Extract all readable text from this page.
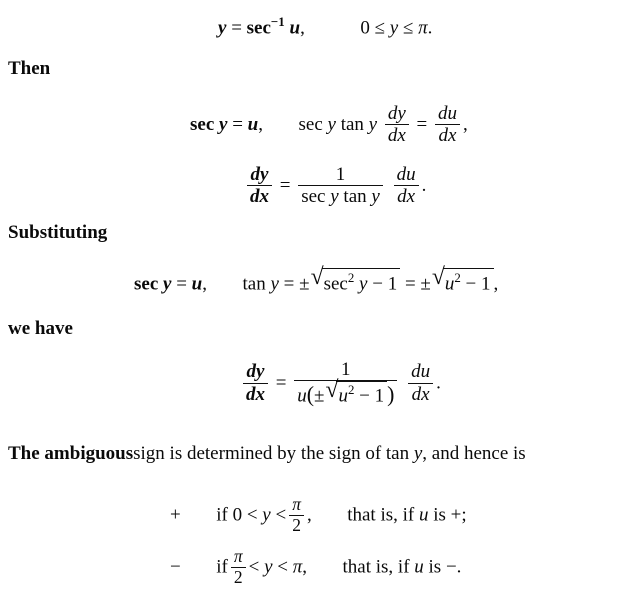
$y = \sec^{-1} u$,	0 ≤ y ≤ π.
Then
sec y = u, sec y tan y $\frac{dy}{dx} = \frac{du}{dx}$ ,
$\frac{dy}{dx} = \frac{1}{\text{sec y tan y}}$
$\frac{du}{dx}$ .
Substituting
sec y = u, tan y = ± √ $\sec^2 y - 1$ = ± √ $u^2 - 1$ ,
we have
$\frac{dy}{dx} = \frac{1}{u(\pm √ u^2 - 1 )}$
$\frac{du}{dx}$ .
The ambiguoussign is determined by the sign of tan y, and hence is
+ if $0 < y < \frac{\pi}{2}$ , that is, if u is +;
− if $\frac{\pi}{2} < y < \pi$, that is, if u is −.
